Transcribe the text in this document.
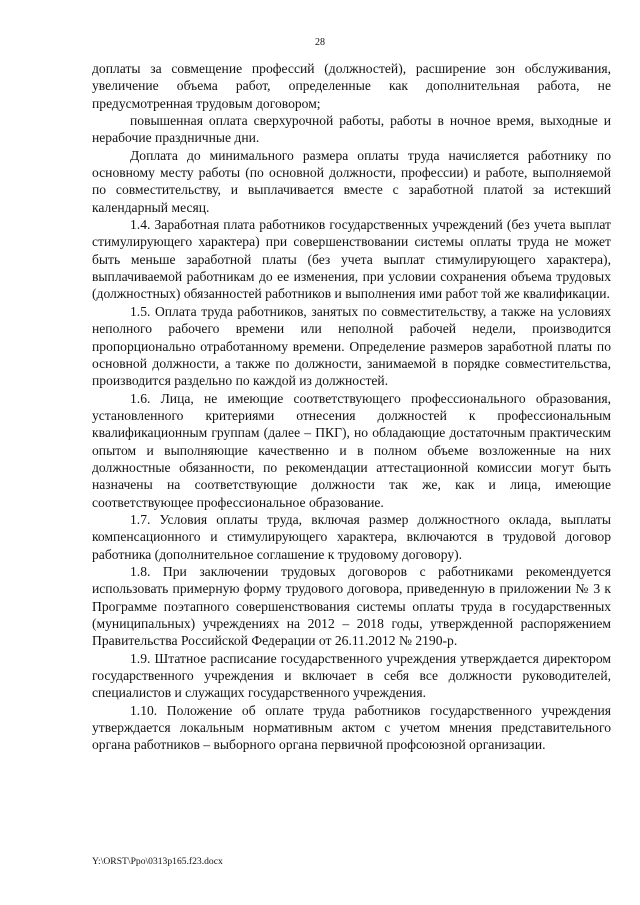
28

доплаты за совмещение профессий (должностей), расширение зон обслуживания, увеличение объема работ, определенные как дополнительная работа, не предусмотренная трудовым договором;

повышенная оплата сверхурочной работы, работы в ночное время, выходные и нерабочие праздничные дни.

Доплата до минимального размера оплаты труда начисляется работнику по основному месту работы (по основной должности, профессии) и работе, выполняемой по совместительству, и выплачивается вместе с заработной платой за истекший календарный месяц.

1.4. Заработная плата работников государственных учреждений (без учета выплат стимулирующего характера) при совершенствовании системы оплаты труда не может быть меньше заработной платы (без учета выплат стимулирующего характера), выплачиваемой работникам до ее изменения, при условии сохранения объема трудовых (должностных) обязанностей работников и выполнения ими работ той же квалификации.

1.5. Оплата труда работников, занятых по совместительству, а также на условиях неполного рабочего времени или неполной рабочей недели, производится пропорционально отработанному времени. Определение размеров заработной платы по основной должности, а также по должности, занимаемой в порядке совместительства, производится раздельно по каждой из должностей.

1.6. Лица, не имеющие соответствующего профессионального образования, установленного критериями отнесения должностей к профессиональным квалификационным группам (далее – ПКГ), но обладающие достаточным практическим опытом и выполняющие качественно и в полном объеме возложенные на них должностные обязанности, по рекомендации аттестационной комиссии могут быть назначены на соответствующие должности так же, как и лица, имеющие соответствующее профессиональное образование.

1.7. Условия оплаты труда, включая размер должностного оклада, выплаты компенсационного и стимулирующего характера, включаются в трудовой договор работника (дополнительное соглашение к трудовому договору).

1.8. При заключении трудовых договоров с работниками рекомендуется использовать примерную форму трудового договора, приведенную в приложении № 3 к Программе поэтапного совершенствования системы оплаты труда в государственных (муниципальных) учреждениях на 2012 – 2018 годы, утвержденной распоряжением Правительства Российской Федерации от 26.11.2012 № 2190-р.

1.9. Штатное расписание государственного учреждения утверждается директором государственного учреждения и включает в себя все должности руководителей, специалистов и служащих государственного учреждения.

1.10. Положение об оплате труда работников государственного учреждения утверждается локальным нормативным актом с учетом мнения представительного органа работников – выборного органа первичной профсоюзной организации.

Y:\ORST\Ppo\0313p165.f23.docx
